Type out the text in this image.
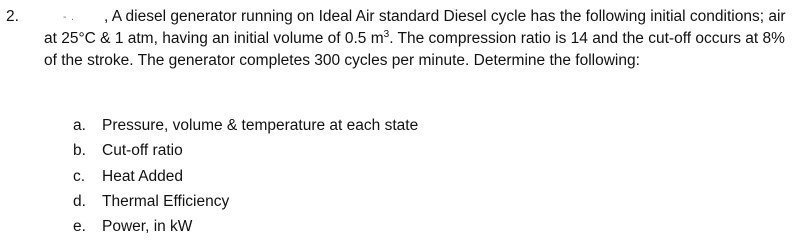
2.	- .	, A diesel generator running on Ideal Air standard Diesel cycle has the following initial conditions; air at 25°C & 1 atm, having an initial volume of 0.5 $m^3$. The compression ratio is 14 and the cut-off occurs at 8% of the stroke. The generator completes 300 cycles per minute. Determine the following:

a. Pressure, volume & temperature at each state
b. Cut-off ratio
c. Heat Added
d. Thermal Efficiency
e. Power, in kW
